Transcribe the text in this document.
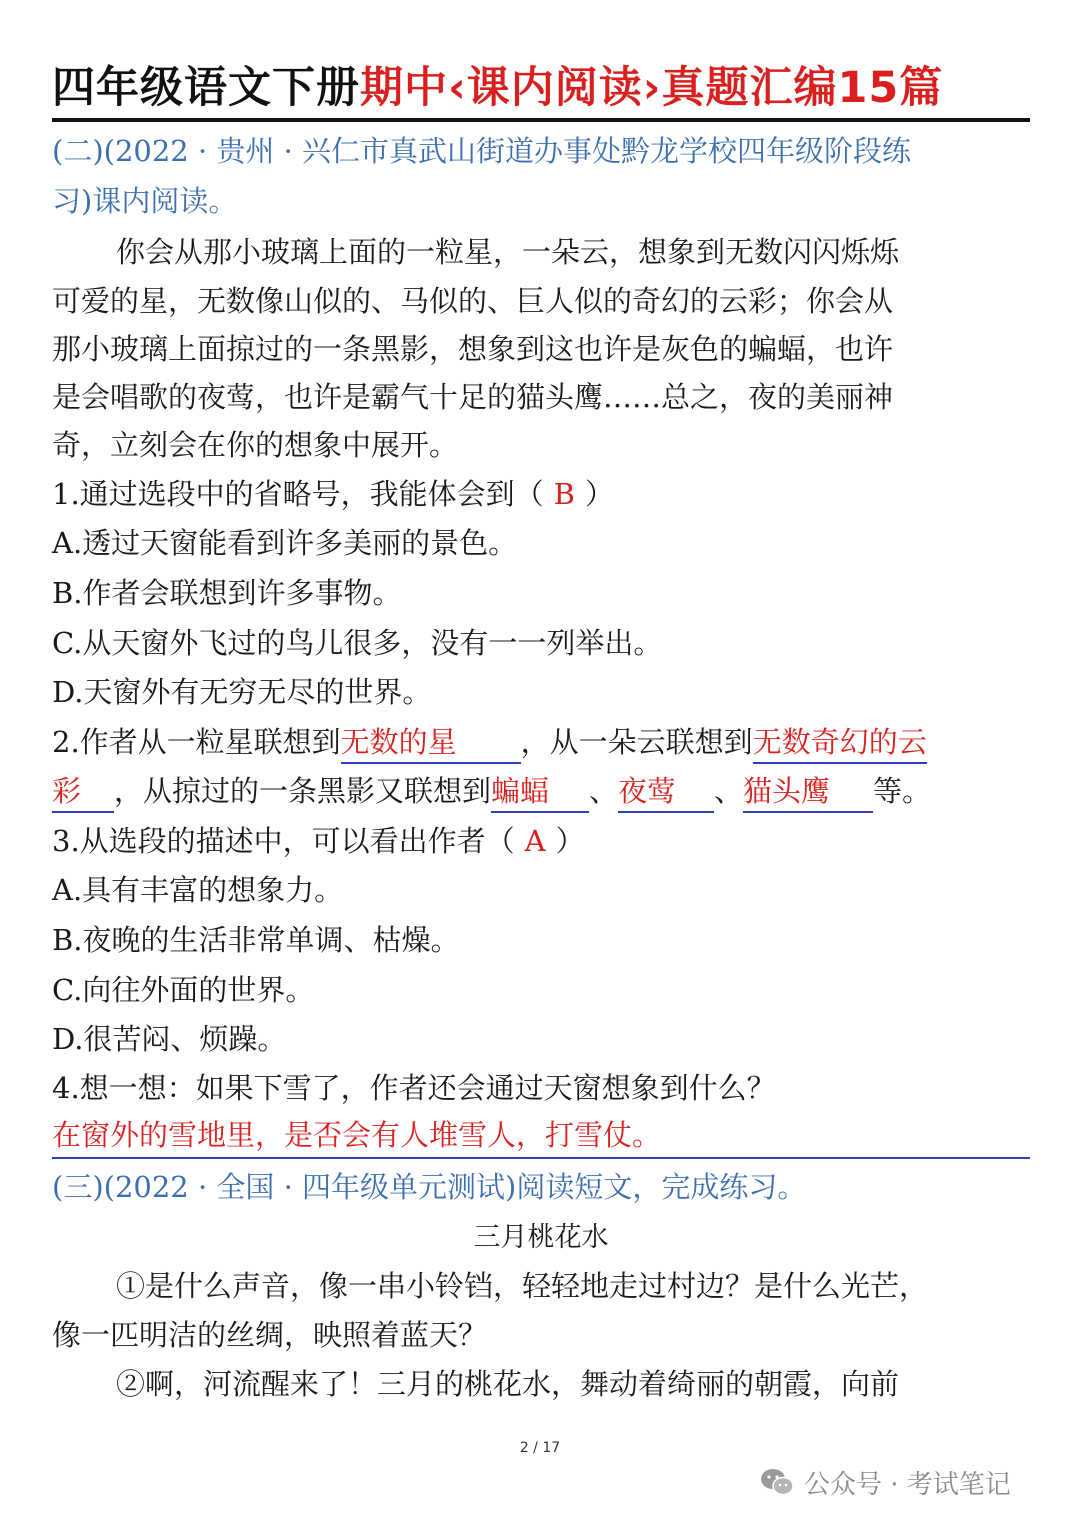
四年级语文下册期中‹课内阅读›真题汇编15篇
(二)(2022 · 贵州 · 兴仁市真武山街道办事处黔龙学校四年级阶段练
习)课内阅读。
你会从那小玻璃上面的一粒星，一朵云，想象到无数闪闪烁烁
可爱的星，无数像山似的、马似的、巨人似的奇幻的云彩；你会从
那小玻璃上面掠过的一条黑影，想象到这也许是灰色的蝙蝠，也许
是会唱歌的夜莺，也许是霸气十足的猫头鹰……总之，夜的美丽神
奇，立刻会在你的想象中展开。
1.通过选段中的省略号，我能体会到（ B ）
A.透过天窗能看到许多美丽的景色。
B.作者会联想到许多事物。
C.从天窗外飞过的鸟儿很多，没有一一列举出。
D.天窗外有无穷无尽的世界。
2.作者从一粒星联想到无数的星 ，从一朵云联想到无数奇幻的云
彩 ，从掠过的一条黑影又联想到蝙蝠 、夜莺 、猫头鹰 等。
3.从选段的描述中，可以看出作者（ A ）
A.具有丰富的想象力。
B.夜晚的生活非常单调、枯燥。
C.向往外面的世界。
D.很苦闷、烦躁。
4.想一想：如果下雪了，作者还会通过天窗想象到什么？
在窗外的雪地里，是否会有人堆雪人，打雪仗。
(三)(2022 · 全国 · 四年级单元测试)阅读短文，完成练习。
三月桃花水
①是什么声音，像一串小铃铛，轻轻地走过村边？是什么光芒，
像一匹明洁的丝绸，映照着蓝天？
②啊，河流醒来了！三月的桃花水，舞动着绮丽的朝霞，向前
2 / 17
公众号 · 考试笔记
